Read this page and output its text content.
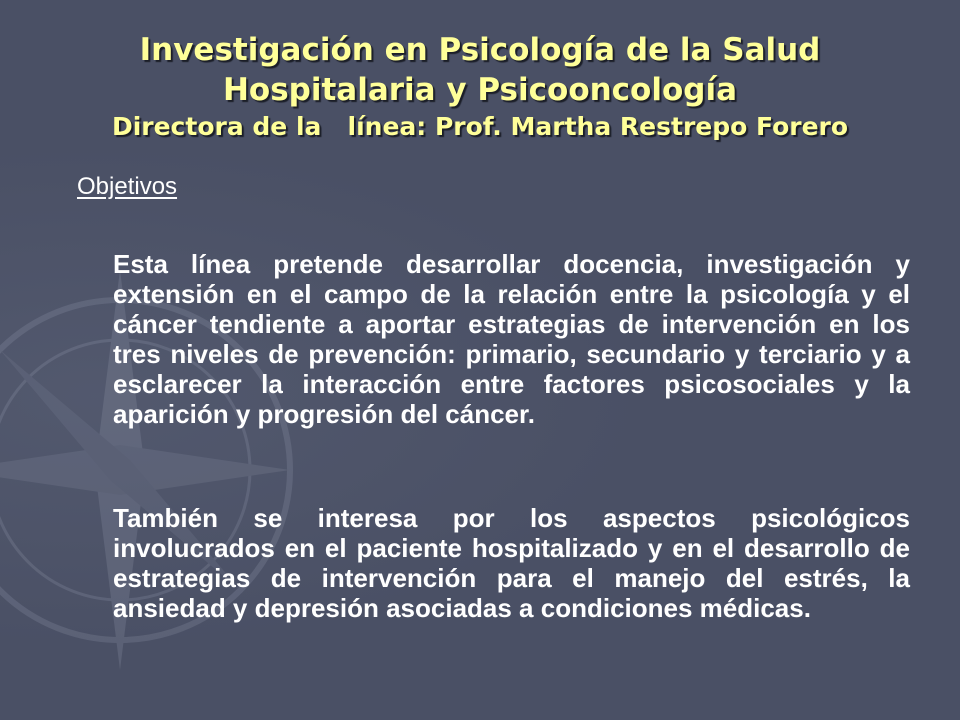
Investigación en Psicología de la Salud
Hospitalaria y Psicooncología
Directora de la   línea: Prof. Martha Restrepo Forero
Objetivos

Esta línea pretende desarrollar docencia, investigación y extensión en el campo de la relación entre la psicología y el cáncer tendiente a aportar estrategias de intervención en los tres niveles de prevención: primario, secundario y terciario y a esclarecer la interacción entre factores psicosociales y la aparición y progresión del cáncer.

También se interesa por los aspectos psicológicos involucrados en el paciente hospitalizado y en el desarrollo de estrategias de intervención para el manejo del estrés, la ansiedad y depresión asociadas a condiciones médicas.
